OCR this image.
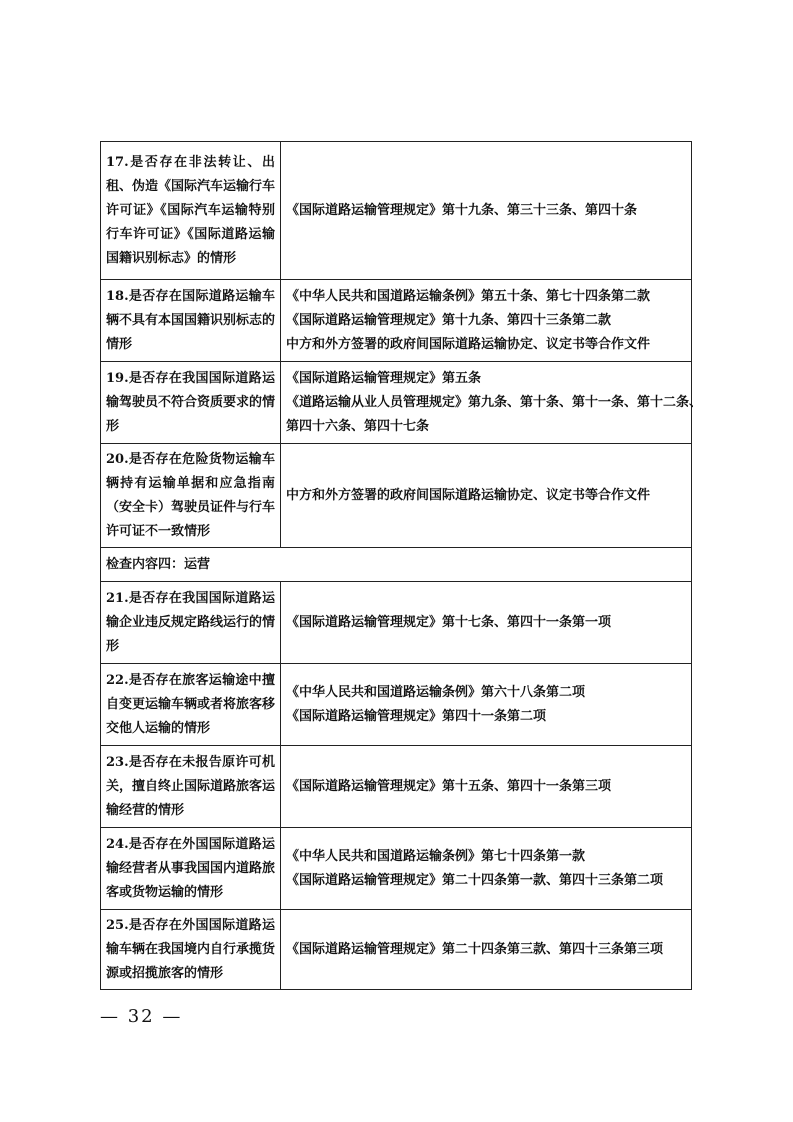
17.是否存在非法转让、出租、伪造《国际汽车运输行车许可证》《国际汽车运输特别行车许可证》《国际道路运输国籍识别标志》的情形	《国际道路运输管理规定》第十九条、第三十三条、第四十条

18.是否存在国际道路运输车辆不具有本国国籍识别标志的情形	《中华人民共和国道路运输条例》第五十条、第七十四条第二款
《国际道路运输管理规定》第十九条、第四十三条第二款
中方和外方签署的政府间国际道路运输协定、议定书等合作文件

19.是否存在我国国际道路运输驾驶员不符合资质要求的情形	《国际道路运输管理规定》第五条
《道路运输从业人员管理规定》第九条、第十条、第十一条、第十二条、
第四十六条、第四十七条

20.是否存在危险货物运输车辆持有运输单据和应急指南（安全卡）驾驶员证件与行车许可证不一致情形	中方和外方签署的政府间国际道路运输协定、议定书等合作文件

检查内容四：运营	
21.是否存在我国国际道路运输企业违反规定路线运行的情形	《国际道路运输管理规定》第十七条、第四十一条第一项

22.是否存在旅客运输途中擅自变更运输车辆或者将旅客移交他人运输的情形	《中华人民共和国道路运输条例》第六十八条第二项
《国际道路运输管理规定》第四十一条第二项

23.是否存在未报告原许可机关，擅自终止国际道路旅客运输经营的情形	《国际道路运输管理规定》第十五条、第四十一条第三项

24.是否存在外国国际道路运输经营者从事我国国内道路旅客或货物运输的情形	《中华人民共和国道路运输条例》第七十四条第一款
《国际道路运输管理规定》第二十四条第一款、第四十三条第二项

25.是否存在外国国际道路运输车辆在我国境内自行承揽货源或招揽旅客的情形	《国际道路运输管理规定》第二十四条第三款、第四十三条第三项
— 32 —
